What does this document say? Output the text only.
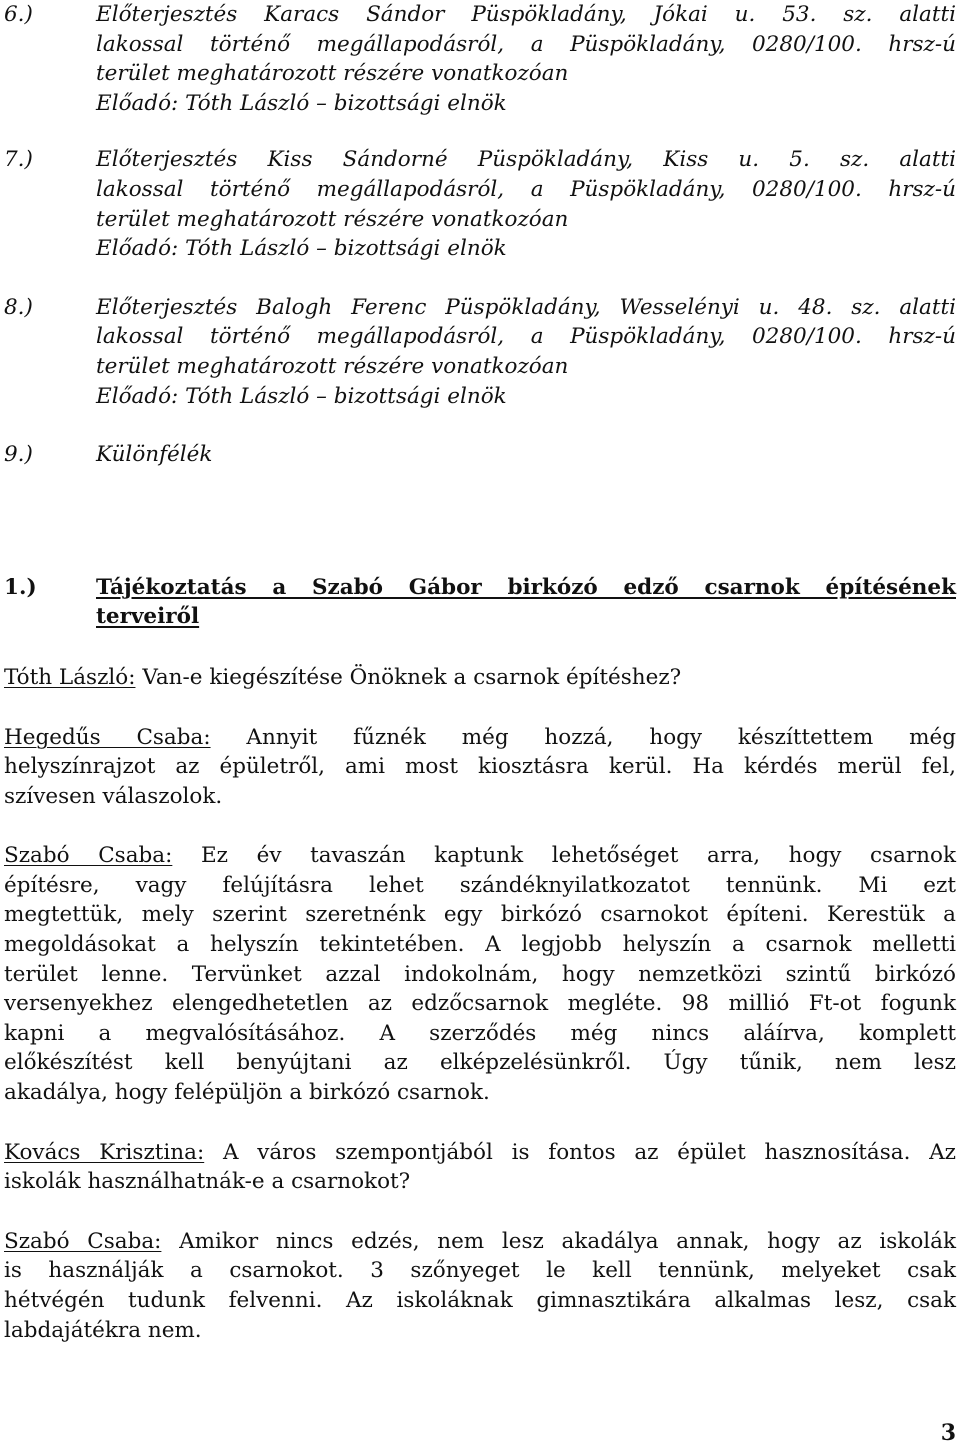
6.)	Előterjesztés Karacs Sándor Püspökladány, Jókai u. 53. sz. alatti
lakossal történő megállapodásról, a Püspökladány, 0280/100. hrsz-ú
terület meghatározott részére vonatkozóan
Előadó: Tóth László – bizottsági elnök
7.)	Előterjesztés Kiss Sándorné Püspökladány, Kiss u. 5. sz. alatti
lakossal történő megállapodásról, a Püspökladány, 0280/100. hrsz-ú
terület meghatározott részére vonatkozóan
Előadó: Tóth László – bizottsági elnök
8.)	Előterjesztés Balogh Ferenc Püspökladány, Wesselényi u. 48. sz. alatti
lakossal történő megállapodásról, a Püspökladány, 0280/100. hrsz-ú
terület meghatározott részére vonatkozóan
Előadó: Tóth László – bizottsági elnök
9.)	Különfélék
1.)	Tájékoztatás a Szabó Gábor birkózó edző csarnok építésének
terveiről

Tóth László: Van-e kiegészítése Önöknek a csarnok építéshez?

Hegedűs Csaba: Annyit fűznék még hozzá, hogy készíttettem még
helyszínrajzot az épületről, ami most kiosztásra kerül. Ha kérdés merül fel,
szívesen válaszolok.

Szabó Csaba: Ez év tavaszán kaptunk lehetőséget arra, hogy csarnok
építésre, vagy felújításra lehet szándéknyilatkozatot tennünk. Mi ezt
megtettük, mely szerint szeretnénk egy birkózó csarnokot építeni. Kerestük a
megoldásokat a helyszín tekintetében. A legjobb helyszín a csarnok melletti
terület lenne. Tervünket azzal indokolnám, hogy nemzetközi szintű birkózó
versenyekhez elengedhetetlen az edzőcsarnok megléte. 98 millió Ft-ot fogunk
kapni a megvalósításához. A szerződés még nincs aláírva, komplett
előkészítést kell benyújtani az elképzelésünkről. Úgy tűnik, nem lesz
akadálya, hogy felépüljön a birkózó csarnok.

Kovács Krisztina: A város szempontjából is fontos az épület hasznosítása. Az
iskolák használhatnák-e a csarnokot?

Szabó Csaba: Amikor nincs edzés, nem lesz akadálya annak, hogy az iskolák
is használják a csarnokot. 3 szőnyeget le kell tennünk, melyeket csak
hétvégén tudunk felvenni. Az iskoláknak gimnasztikára alkalmas lesz, csak
labdajátékra nem.

3
